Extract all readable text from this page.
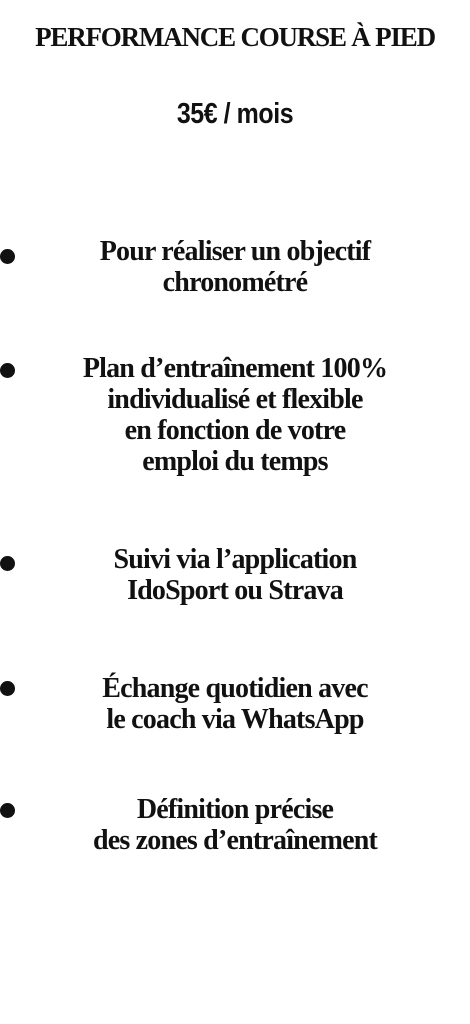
PERFORMANCE COURSE À PIED
35€ / mois
Pour réaliser un objectif
chronométré
Plan d’entraînement 100%
individualisé et flexible
en fonction de votre
emploi du temps
Suivi via l’application
IdoSport ou Strava
Échange quotidien avec
le coach via WhatsApp
Définition précise
des zones d’entraînement
